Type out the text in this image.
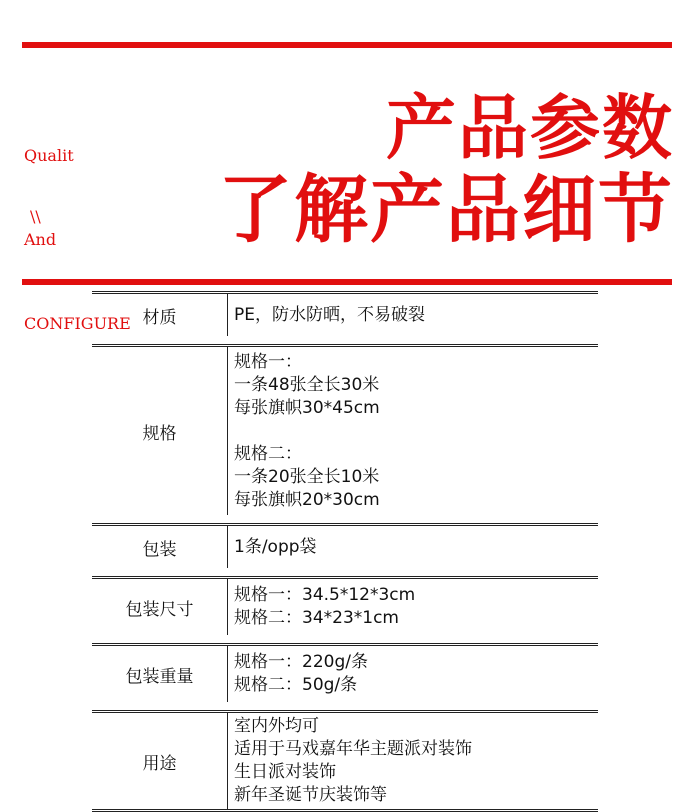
Qualit

And

CONFIGURE

\\
产品参数
了解产品细节
材质	PE，防水防晒，不易破裂
规格
规格一：
一条48张全长30米
每张旗帜30*45cm
规格二：
一条20张全长10米
每张旗帜20*30cm
包装	1条/opp袋
包装尺寸
规格一：34.5*12*3cm
规格二：34*23*1cm
包装重量
规格一：220g/条
规格二：50g/条
用途
室内外均可
适用于马戏嘉年华主题派对装饰
生日派对装饰
新年圣诞节庆装饰等
